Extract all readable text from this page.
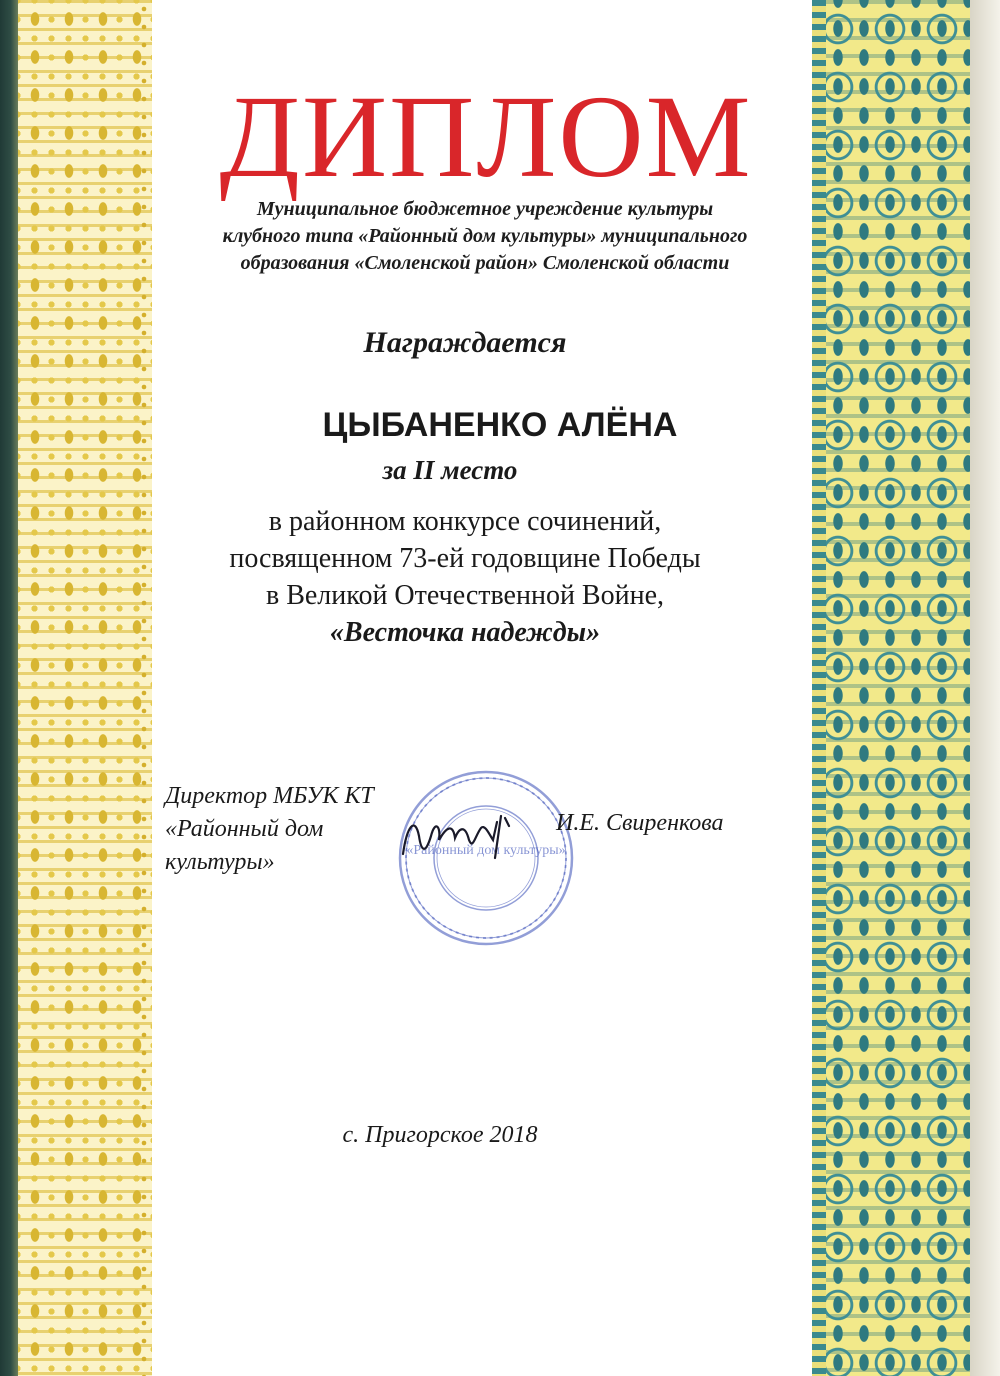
ДИПЛОМ
Муниципальное бюджетное учреждение культуры
клубного типа «Районный дом культуры» муниципального
образования «Смоленской район» Смоленской области
Награждается
ЦЫБАНЕНКО АЛЁНА
за II место
в районном конкурсе сочинений,
посвященном 73-ей годовщине Победы
в Великой Отечественной Войне,
«Весточка надежды»
Директор МБУК КТ
«Районный дом
культуры»	«Районный дом культуры»
И.Е. Свиренкова
с. Пригорское 2018
